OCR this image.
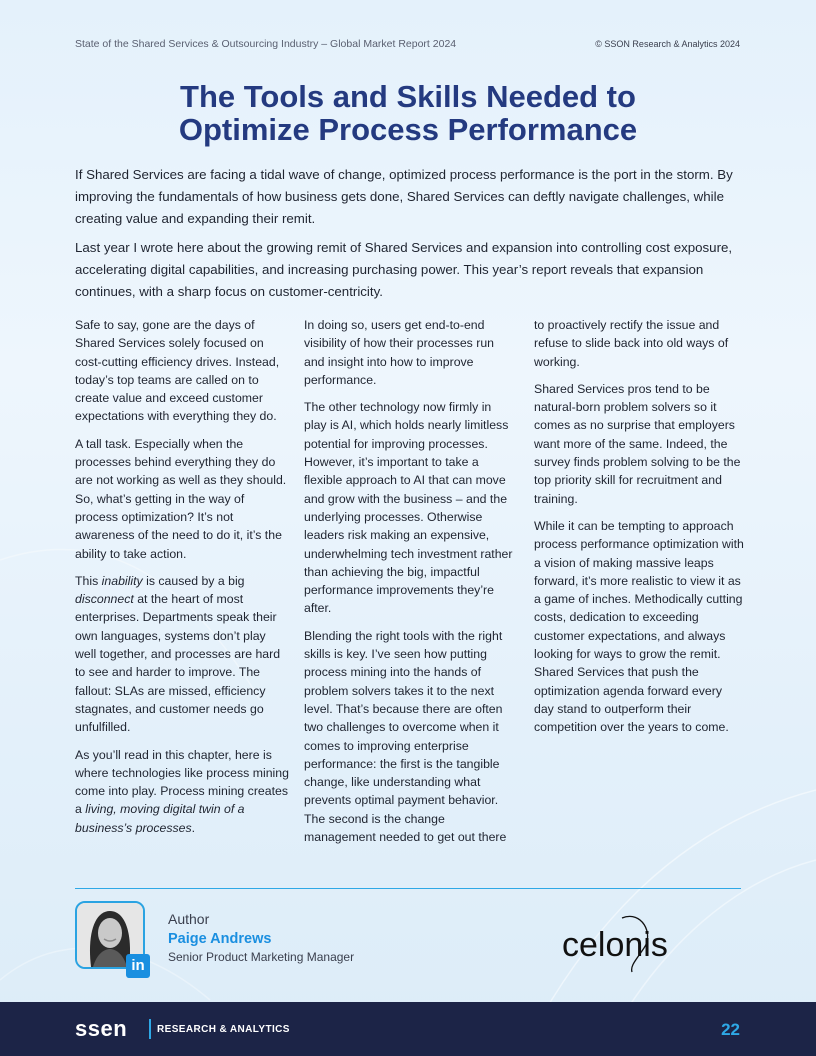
State of the Shared Services & Outsourcing Industry – Global Market Report 2024	© SSON Research & Analytics 2024
The Tools and Skills Needed to
Optimize Process Performance

If Shared Services are facing a tidal wave of change, optimized process performance is the port in the storm. By improving the fundamentals of how business gets done, Shared Services can deftly navigate challenges, while creating value and expanding their remit.

Last year I wrote here about the growing remit of Shared Services and expansion into controlling cost exposure, accelerating digital capabilities, and increasing purchasing power. This year’s report reveals that expansion continues, with a sharp focus on customer-centricity.

Safe to say, gone are the days of Shared Services solely focused on cost-cutting efficiency drives. Instead, today’s top teams are called on to create value and exceed customer expectations with everything they do.

A tall task. Especially when the processes behind everything they do are not working as well as they should. So, what’s getting in the way of process optimization? It’s not awareness of the need to do it, it’s the ability to take action.

This inability is caused by a big disconnect at the heart of most enterprises. Departments speak their own languages, systems don’t play well together, and processes are hard to see and harder to improve. The fallout: SLAs are missed, efficiency stagnates, and customer needs go unfulfilled.

As you’ll read in this chapter, here is where technologies like process mining come into play. Process mining creates a living, moving digital twin of a business’s processes.

In doing so, users get end-to-end visibility of how their processes run and insight into how to improve performance.

The other technology now firmly in play is AI, which holds nearly limitless potential for improving processes. However, it’s important to take a flexible approach to AI that can move and grow with the business – and the underlying processes. Otherwise leaders risk making an expensive, underwhelming tech investment rather than achieving the big, impactful performance improvements they’re after.

Blending the right tools with the right skills is key. I’ve seen how putting process mining into the hands of problem solvers takes it to the next level. That’s because there are often two challenges to overcome when it comes to improving enterprise performance: the first is the tangible change, like understanding what prevents optimal payment behavior. The second is the change management needed to get out there

to proactively rectify the issue and refuse to slide back into old ways of working.

Shared Services pros tend to be natural-born problem solvers so it comes as no surprise that employers want more of the same. Indeed, the survey finds problem solving to be the top priority skill for recruitment and training.

While it can be tempting to approach process performance optimization with a vision of making massive leaps forward, it’s more realistic to view it as a game of inches. Methodically cutting costs, dedication to exceeding customer expectations, and always looking for ways to grow the remit. Shared Services that push the optimization agenda forward every day stand to outperform their competition over the years to come.

in
Author
Paige Andrews
Senior Product Marketing Manager	celonis
ssen	RESEARCH & ANALYTICS	22
